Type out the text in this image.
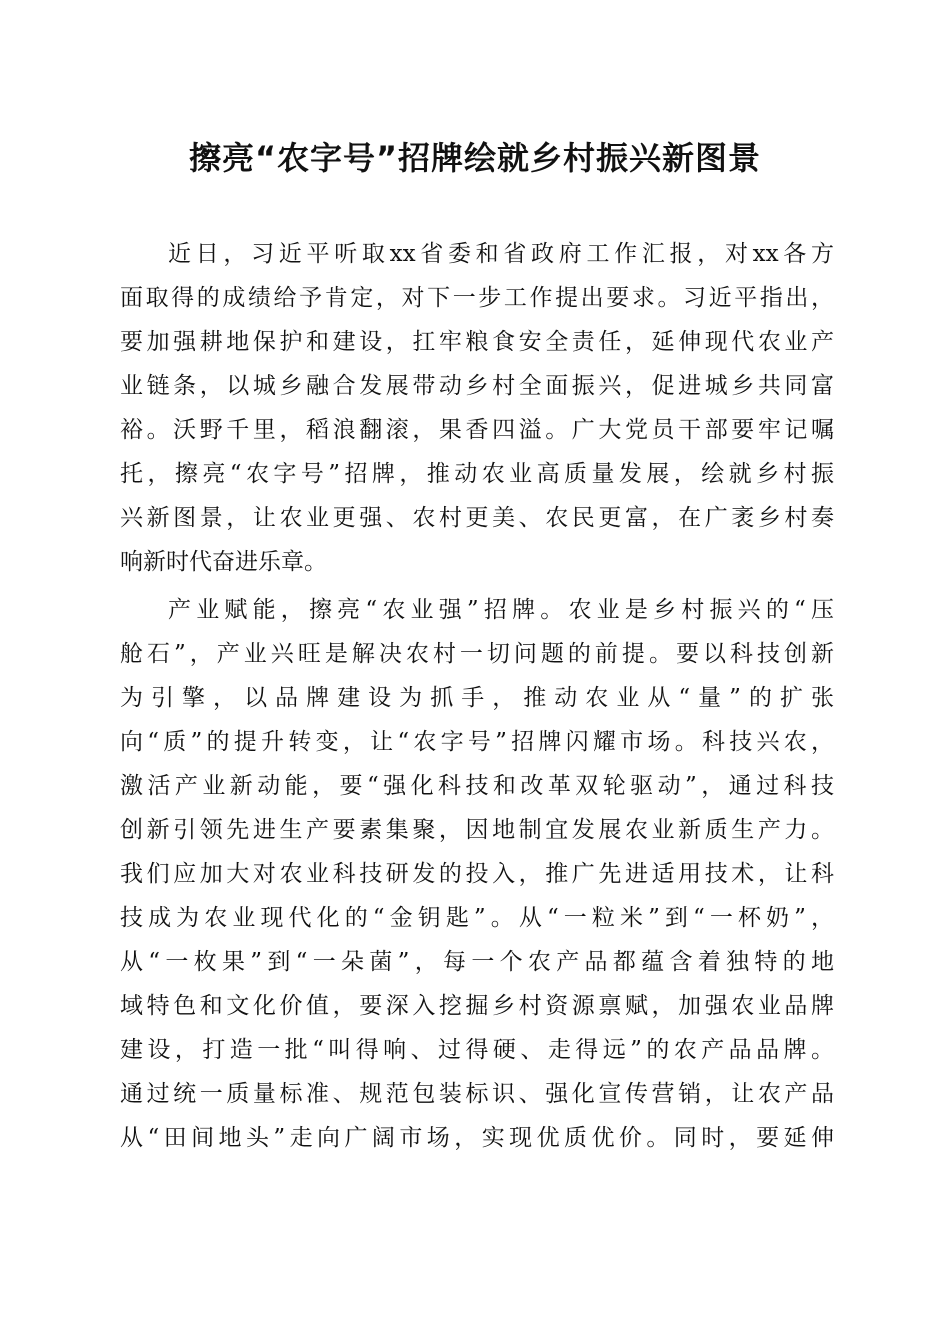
擦亮“农字号”招牌绘就乡村振兴新图景
近日，习近平听取xx省委和省政府工作汇报，对xx各方
面取得的成绩给予肯定，对下一步工作提出要求。习近平指出，
要加强耕地保护和建设，扛牢粮食安全责任，延伸现代农业产
业链条，以城乡融合发展带动乡村全面振兴，促进城乡共同富
裕。沃野千里，稻浪翻滚，果香四溢。广大党员干部要牢记嘱
托，擦亮“农字号”招牌，推动农业高质量发展，绘就乡村振
兴新图景，让农业更强、农村更美、农民更富，在广袤乡村奏
响新时代奋进乐章。
产业赋能，擦亮“农业强”招牌。农业是乡村振兴的“压
舱石”，产业兴旺是解决农村一切问题的前提。要以科技创新
为引擎，以品牌建设为抓手，推动农业从“量”的扩张
向“质”的提升转变，让“农字号”招牌闪耀市场。科技兴农，
激活产业新动能，要“强化科技和改革双轮驱动”，通过科技
创新引领先进生产要素集聚，因地制宜发展农业新质生产力。
我们应加大对农业科技研发的投入，推广先进适用技术，让科
技成为农业现代化的“金钥匙”。从“一粒米”到“一杯奶”，
从“一枚果”到“一朵菌”，每一个农产品都蕴含着独特的地
域特色和文化价值，要深入挖掘乡村资源禀赋，加强农业品牌
建设，打造一批“叫得响、过得硬、走得远”的农产品品牌。
通过统一质量标准、规范包装标识、强化宣传营销，让农产品
从“田间地头”走向广阔市场，实现优质优价。同时，要延伸
